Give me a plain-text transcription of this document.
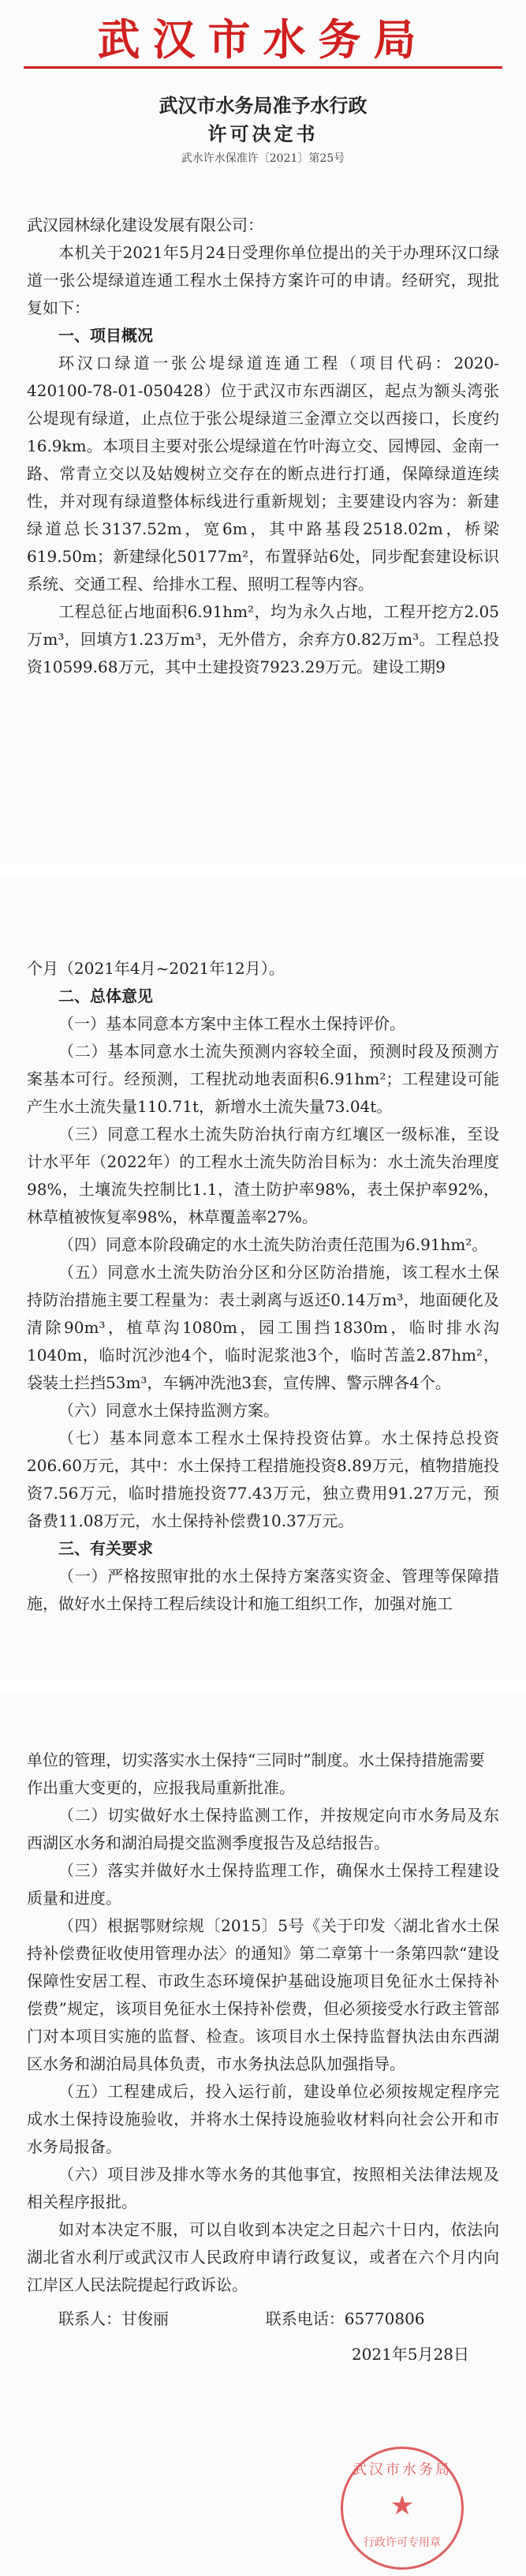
武汉市水务局
武汉市水务局准予水行政
许可决定书
武水许水保准许〔2021〕第25号

武汉园林绿化建设发展有限公司：

本机关于2021年5月24日受理你单位提出的关于办理环汉口绿道一张公堤绿道连通工程水土保持方案许可的申请。经研究，现批复如下：

一、项目概况

环汉口绿道一张公堤绿道连通工程（项目代码：2020-420100-78-01-050428）位于武汉市东西湖区，起点为额头湾张公堤现有绿道，止点位于张公堤绿道三金潭立交以西接口，长度约16.9km。本项目主要对张公堤绿道在竹叶海立交、园博园、金南一路、常青立交以及姑嫂树立交存在的断点进行打通，保障绿道连续性，并对现有绿道整体标线进行重新规划；主要建设内容为：新建绿道总长3137.52m，宽6m，其中路基段2518.02m，桥梁619.50m；新建绿化50177m²，布置驿站6处，同步配套建设标识系统、交通工程、给排水工程、照明工程等内容。

工程总征占地面积6.91hm²，均为永久占地，工程开挖方2.05万m³，回填方1.23万m³，无外借方，余弃方0.82万m³。工程总投资10599.68万元，其中土建投资7923.29万元。建设工期9

个月（2021年4月~2021年12月）。

二、总体意见

（一）基本同意本方案中主体工程水土保持评价。

（二）基本同意水土流失预测内容较全面，预测时段及预测方案基本可行。经预测，工程扰动地表面积6.91hm²；工程建设可能产生水土流失量110.71t，新增水土流失量73.04t。

（三）同意工程水土流失防治执行南方红壤区一级标准，至设计水平年（2022年）的工程水土流失防治目标为：水土流失治理度98%，土壤流失控制比1.1，渣土防护率98%，表土保护率92%，林草植被恢复率98%，林草覆盖率27%。

（四）同意本阶段确定的水土流失防治责任范围为6.91hm²。

（五）同意水土流失防治分区和分区防治措施，该工程水土保持防治措施主要工程量为：表土剥离与返还0.14万m³，地面硬化及清除90m³，植草沟1080m，园工围挡1830m，临时排水沟1040m，临时沉沙池4个，临时泥浆池3个，临时苫盖2.87hm²，袋装土拦挡53m³，车辆冲洗池3套，宣传牌、警示牌各4个。

（六）同意水土保持监测方案。

（七）基本同意本工程水土保持投资估算。水土保持总投资206.60万元，其中：水土保持工程措施投资8.89万元，植物措施投资7.56万元，临时措施投资77.43万元，独立费用91.27万元，预备费11.08万元，水土保持补偿费10.37万元。

三、有关要求

（一）严格按照审批的水土保持方案落实资金、管理等保障措施，做好水土保持工程后续设计和施工组织工作，加强对施工

单位的管理，切实落实水土保持“三同时”制度。水土保持措施需要作出重大变更的，应报我局重新批准。

（二）切实做好水土保持监测工作，并按规定向市水务局及东西湖区水务和湖泊局提交监测季度报告及总结报告。

（三）落实并做好水土保持监理工作，确保水土保持工程建设质量和进度。

（四）根据鄂财综规〔2015〕5号《关于印发〈湖北省水土保持补偿费征收使用管理办法〉的通知》第二章第十一条第四款“建设保障性安居工程、市政生态环境保护基础设施项目免征水土保持补偿费”规定，该项目免征水土保持补偿费，但必须接受水行政主管部门对本项目实施的监督、检查。该项目水土保持监督执法由东西湖区水务和湖泊局具体负责，市水务执法总队加强指导。

（五）工程建成后，投入运行前，建设单位必须按规定程序完成水土保持设施验收，并将水土保持设施验收材料向社会公开和市水务局报备。

（六）项目涉及排水等水务的其他事宜，按照相关法律法规及相关程序报批。

如对本决定不服，可以自收到本决定之日起六十日内，依法向湖北省水利厅或武汉市人民政府申请行政复议，或者在六个月内向江岸区人民法院提起行政诉讼。

联系人：甘俊丽	联系电话：65770806

2021年5月28日

武汉市水务局
★
行政许可专用章
